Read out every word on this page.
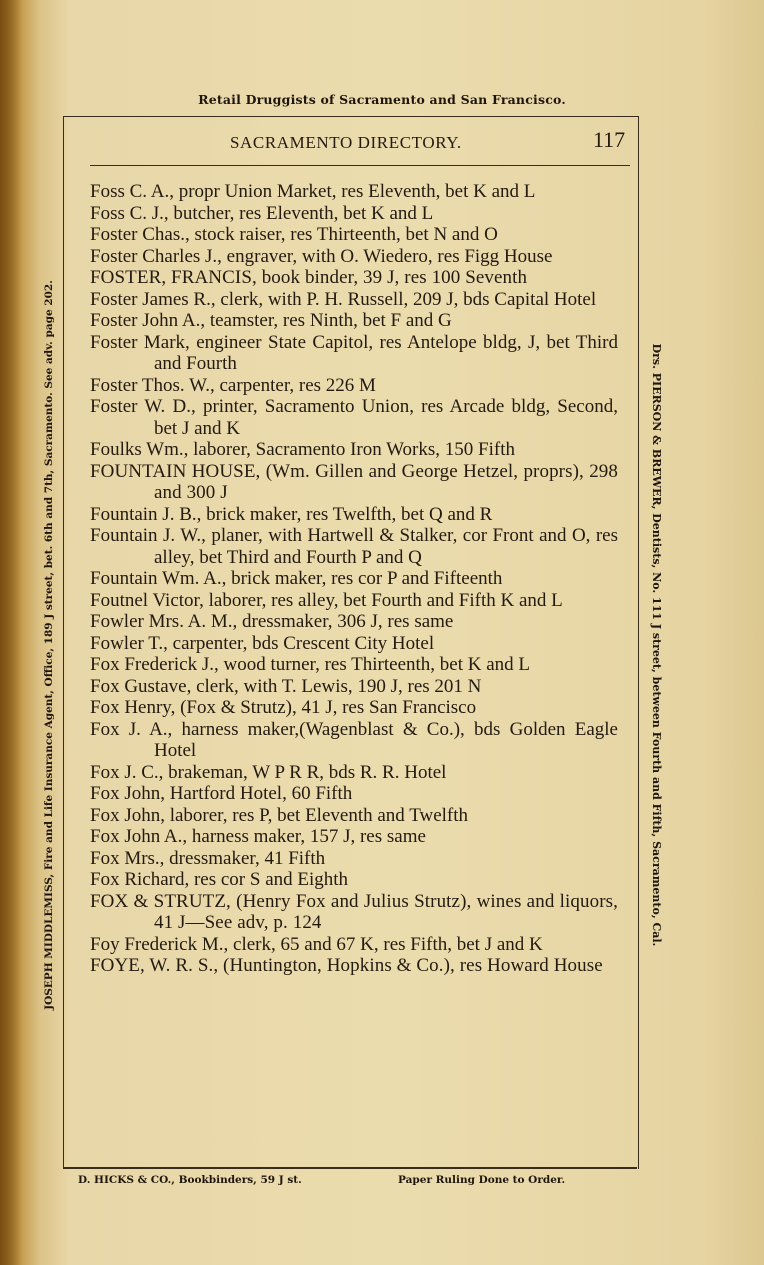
Retail Druggists of Sacramento and San Francisco.
SACRAMENTO DIRECTORY.	117
Foss C. A., propr Union Market, res Eleventh, bet K and L
Foss C. J., butcher, res Eleventh, bet K and L
Foster Chas., stock raiser, res Thirteenth, bet N and O
Foster Charles J., engraver, with O. Wiedero, res Figg House
FOSTER, FRANCIS, book binder, 39 J, res 100 Seventh
Foster James R., clerk, with P. H. Russell, 209 J, bds Capital Hotel
Foster John A., teamster, res Ninth, bet F and G
Foster Mark, engineer State Capitol, res Antelope bldg, J, bet Third and Fourth
Foster Thos. W., carpenter, res 226 M
Foster W. D., printer, Sacramento Union, res Arcade bldg, Second, bet J and K
Foulks Wm., laborer, Sacramento Iron Works, 150 Fifth
FOUNTAIN HOUSE, (Wm. Gillen and George Hetzel, proprs), 298 and 300 J
Fountain J. B., brick maker, res Twelfth, bet Q and R
Fountain J. W., planer, with Hartwell & Stalker, cor Front and O, res alley, bet Third and Fourth P and Q
Fountain Wm. A., brick maker, res cor P and Fifteenth
Foutnel Victor, laborer, res alley, bet Fourth and Fifth K and L
Fowler Mrs. A. M., dressmaker, 306 J, res same
Fowler T., carpenter, bds Crescent City Hotel
Fox Frederick J., wood turner, res Thirteenth, bet K and L
Fox Gustave, clerk, with T. Lewis, 190 J, res 201 N
Fox Henry, (Fox & Strutz), 41 J, res San Francisco
Fox J. A., harness maker,(Wagenblast & Co.), bds Golden Eagle Hotel
Fox J. C., brakeman, W P R R, bds R. R. Hotel
Fox John, Hartford Hotel, 60 Fifth
Fox John, laborer, res P, bet Eleventh and Twelfth
Fox John A., harness maker, 157 J, res same
Fox Mrs., dressmaker, 41 Fifth
Fox Richard, res cor S and Eighth
FOX & STRUTZ, (Henry Fox and Julius Strutz), wines and liquors, 41 J—See adv, p. 124
Foy Frederick M., clerk, 65 and 67 K, res Fifth, bet J and K
FOYE, W. R. S., (Huntington, Hopkins & Co.), res Howard House
JOSEPH MIDDLEMISS, Fire and Life Insurance Agent, Office, 189 J street, bet. 6th and 7th, Sacramento. See adv. page 202.	Drs. PIERSON & BREWER, Dentists, No. 111 J street, between Fourth and Fifth, Sacramento, Cal.
D. HICKS & CO., Bookbinders, 59 J st.	Paper Ruling Done to Order.
